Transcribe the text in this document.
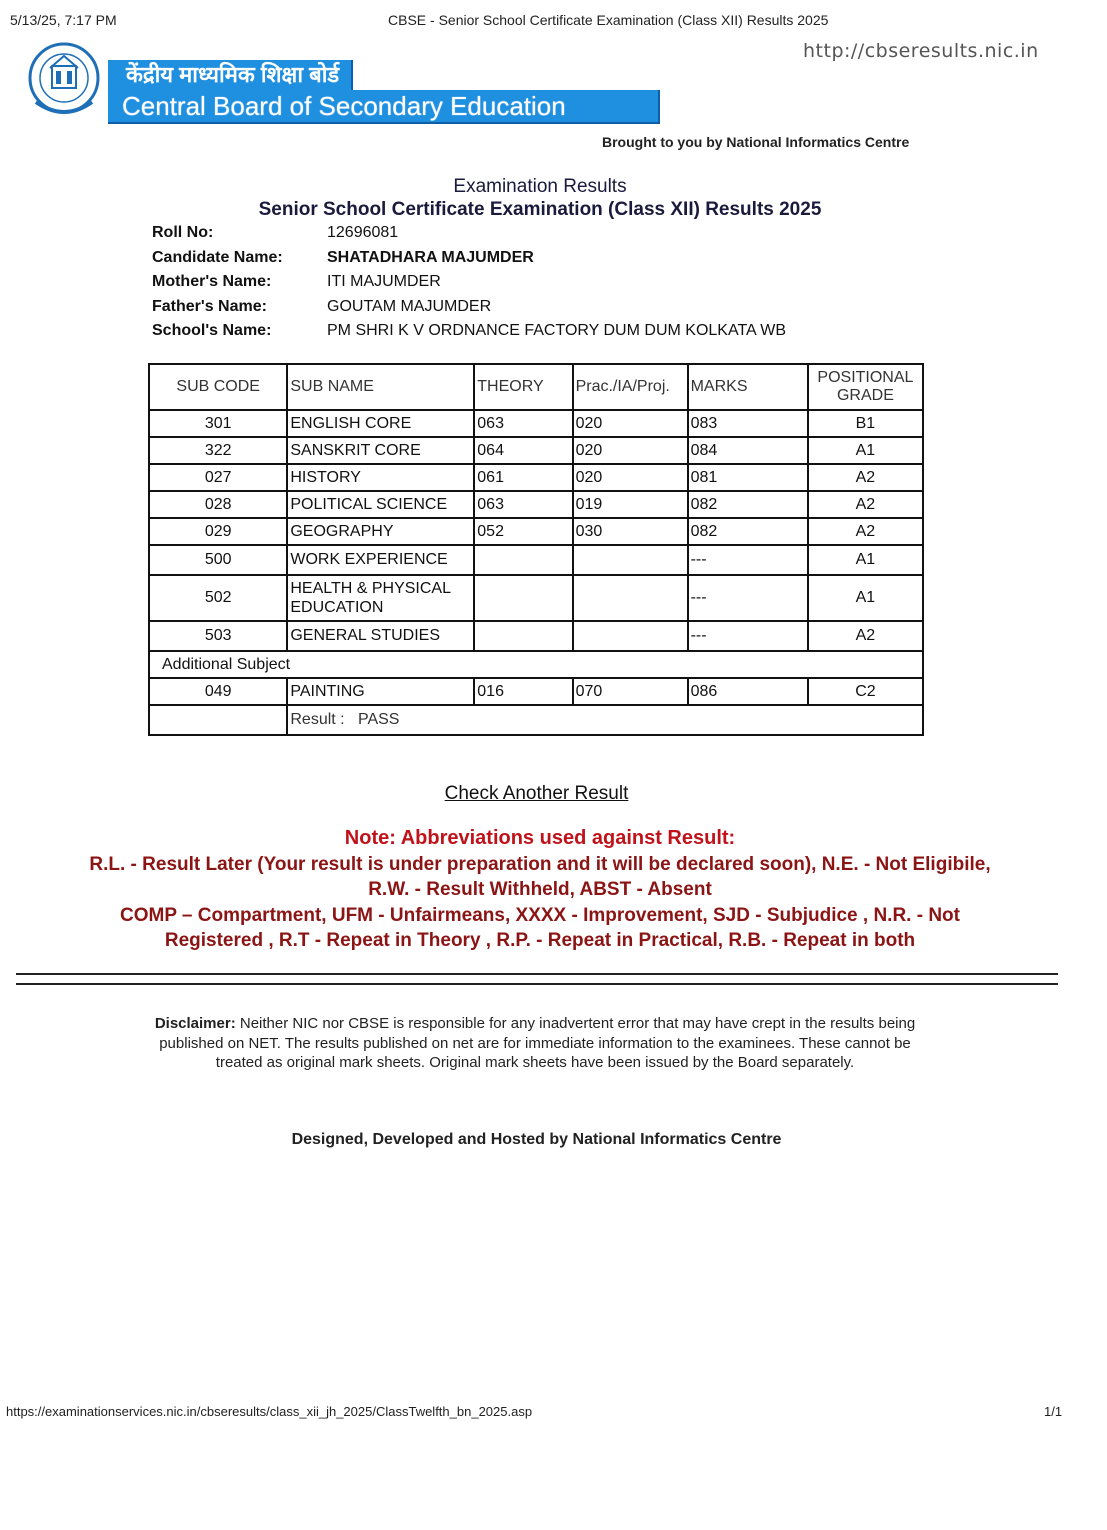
5/13/25, 7:17 PM	CBSE - Senior School Certificate Examination (Class XII) Results 2025
http://cbseresults.nic.in
केंद्रीय माध्यमिक शिक्षा बोर्ड
Central Board of Secondary Education
Brought to you by National Informatics Centre
Examination Results
Senior School Certificate Examination (Class XII) Results 2025
Roll No:	12696081
Candidate Name:	SHATADHARA MAJUMDER
Mother's Name:	ITI MAJUMDER
Father's Name:	GOUTAM MAJUMDER
School's Name:	PM SHRI K V ORDNANCE FACTORY DUM DUM KOLKATA WB
SUB CODE	SUB NAME	THEORY	Prac./IA/Proj.	MARKS	POSITIONAL GRADE
301	ENGLISH CORE	063	020	083	B1
322	SANSKRIT CORE	064	020	084	A1
027	HISTORY	061	020	081	A2
028	POLITICAL SCIENCE	063	019	082	A2
029	GEOGRAPHY	052	030	082	A2
500	WORK EXPERIENCE			---	A1
502	HEALTH & PHYSICAL EDUCATION			---	A1
503	GENERAL STUDIES			---	A2
Additional Subject					
049	PAINTING	016	070	086	C2
	Result : PASS				
Check Another Result
Note: Abbreviations used against Result:
R.L. - Result Later (Your result is under preparation and it will be declared soon), N.E. - Not Eligibile,
R.W. - Result Withheld, ABST - Absent
COMP – Compartment, UFM - Unfairmeans, XXXX - Improvement, SJD - Subjudice , N.R. - Not
Registered , R.T - Repeat in Theory , R.P. - Repeat in Practical, R.B. - Repeat in both
Disclaimer: Neither NIC nor CBSE is responsible for any inadvertent error that may have crept in the results being published on NET. The results published on net are for immediate information to the examinees. These cannot be treated as original mark sheets. Original mark sheets have been issued by the Board separately.
Designed, Developed and Hosted by National Informatics Centre
https://examinationservices.nic.in/cbseresults/class_xii_jh_2025/ClassTwelfth_bn_2025.asp	1/1
